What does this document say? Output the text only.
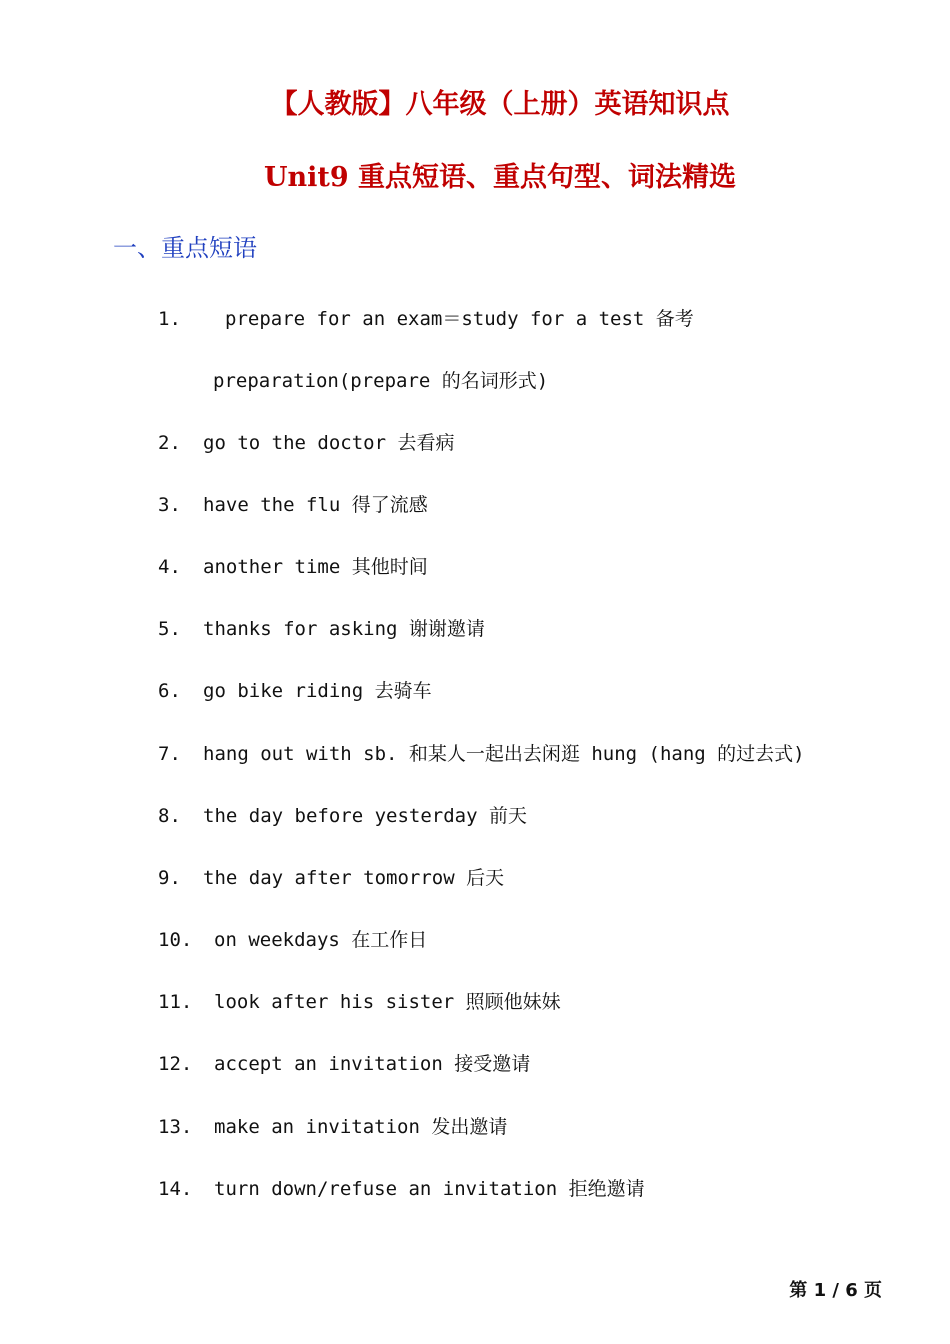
【人教版】八年级（上册）英语知识点
Unit9 重点短语、重点句型、词法精选
一、重点短语
1. prepare for an exam＝study for a test 备考
preparation(prepare 的名词形式)
2. go to the doctor 去看病
3. have the flu 得了流感
4. another time 其他时间
5. thanks for asking 谢谢邀请
6. go bike riding 去骑车
7. hang out with sb. 和某人一起出去闲逛 hung (hang 的过去式)
8. the day before yesterday 前天
9. the day after tomorrow 后天
10. on weekdays 在工作日
11. look after his sister 照顾他妹妹
12. accept an invitation 接受邀请
13. make an invitation 发出邀请
14. turn down/refuse an invitation 拒绝邀请
第 1 / 6 页
